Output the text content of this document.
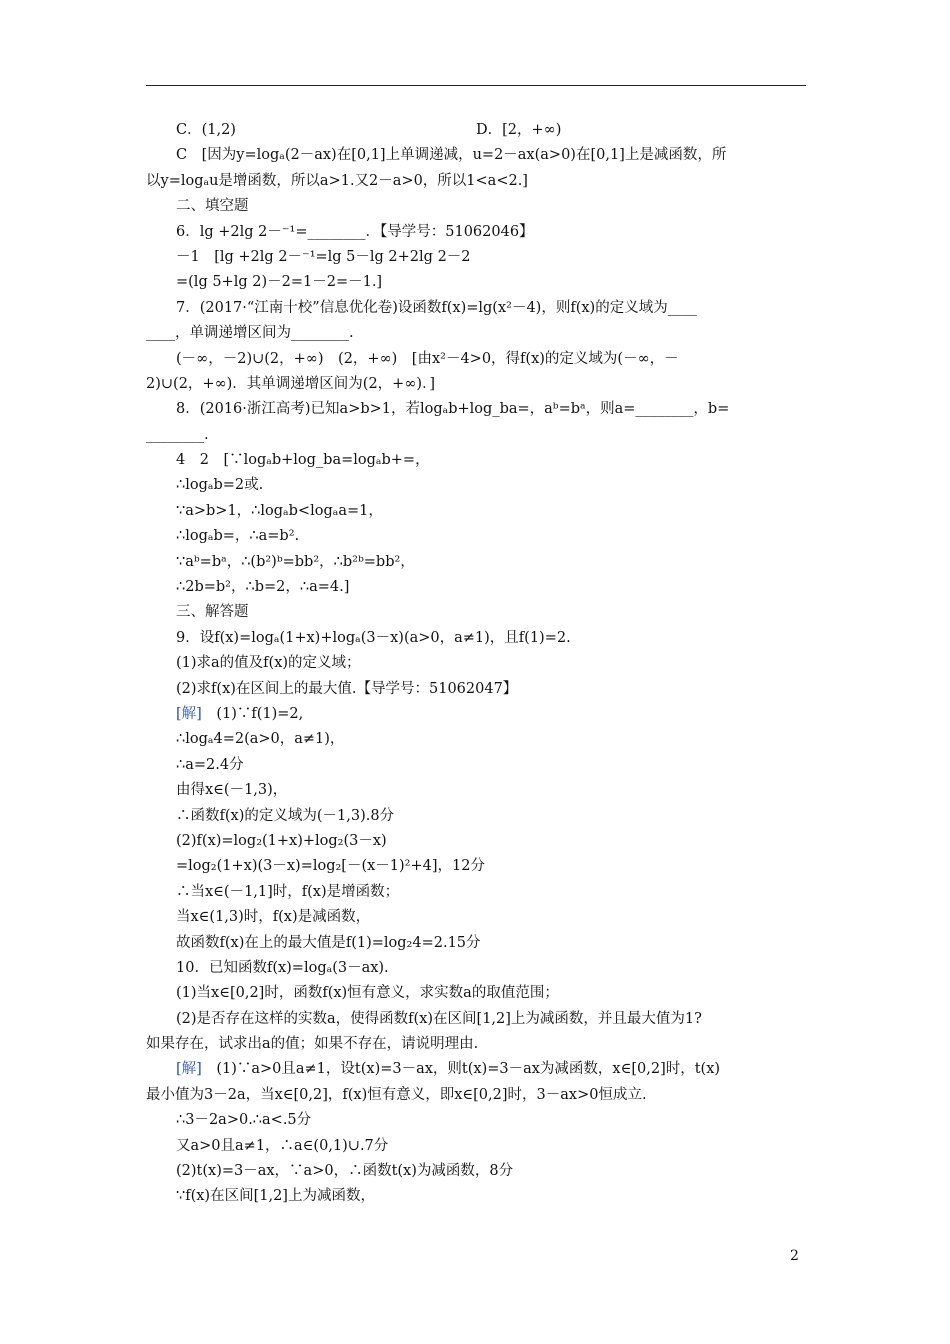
C．(1,2)	D．[2，+∞)
C　[因为y=logₐ(2－ax)在[0,1]上单调递减，u=2－ax(a>0)在[0,1]上是减函数，所
以y=logₐu是增函数，所以a>1.又2－a>0，所以1<a<2.]
二、填空题
6．lg +2lg 2－⁻¹=________．【导学号：51062046】
－1　[lg +2lg 2－⁻¹=lg 5－lg 2+2lg 2－2
=(lg 5+lg 2)－2=1－2=－1.]
7．(2017·“江南十校”信息优化卷)设函数f(x)=lg(x²－4)，则f(x)的定义域为____
____，单调递增区间为________.
(－∞，－2)∪(2，+∞)　(2，+∞)　[由x²－4>0，得f(x)的定义域为(－∞，－
2)∪(2，+∞)．其单调递增区间为(2，+∞)．]
8．(2016·浙江高考)已知a>b>1，若logₐb+log_ba=，aᵇ=bᵃ，则a=________，b=
________.
4　2　[∵logₐb+log_ba=logₐb+=，
∴logₐb=2或.
∵a>b>1，∴logₐb<logₐa=1，
∴logₐb=，∴a=b².
∵aᵇ=bᵃ，∴(b²)ᵇ=bb²，∴b²ᵇ=bb²，
∴2b=b²，∴b=2，∴a=4.]
三、解答题
9．设f(x)=logₐ(1+x)+logₐ(3－x)(a>0，a≠1)，且f(1)=2.
(1)求a的值及f(x)的定义域；
(2)求f(x)在区间上的最大值.【导学号：51062047】
[解]　(1)∵f(1)=2,
∴logₐ4=2(a>0，a≠1)，
∴a=2.4分
由得x∈(－1,3)，
∴函数f(x)的定义域为(－1,3).8分
(2)f(x)=log₂(1+x)+log₂(3－x)
=log₂(1+x)(3－x)=log₂[－(x－1)²+4]，12分
∴当x∈(－1,1]时，f(x)是增函数；
当x∈(1,3)时，f(x)是减函数，
故函数f(x)在上的最大值是f(1)=log₂4=2.15分
10．已知函数f(x)=logₐ(3－ax).
(1)当x∈[0,2]时，函数f(x)恒有意义，求实数a的取值范围；
(2)是否存在这样的实数a，使得函数f(x)在区间[1,2]上为减函数，并且最大值为1?
如果存在，试求出a的值；如果不存在，请说明理由.
[解]　(1)∵a>0且a≠1，设t(x)=3－ax，则t(x)=3－ax为减函数，x∈[0,2]时，t(x)
最小值为3－2a，当x∈[0,2]，f(x)恒有意义，即x∈[0,2]时，3－ax>0恒成立.
∴3－2a>0.∴a<.5分
又a>0且a≠1，∴a∈(0,1)∪.7分
(2)t(x)=3－ax，∵a>0，∴函数t(x)为减函数，8分
∵f(x)在区间[1,2]上为减函数，
2
